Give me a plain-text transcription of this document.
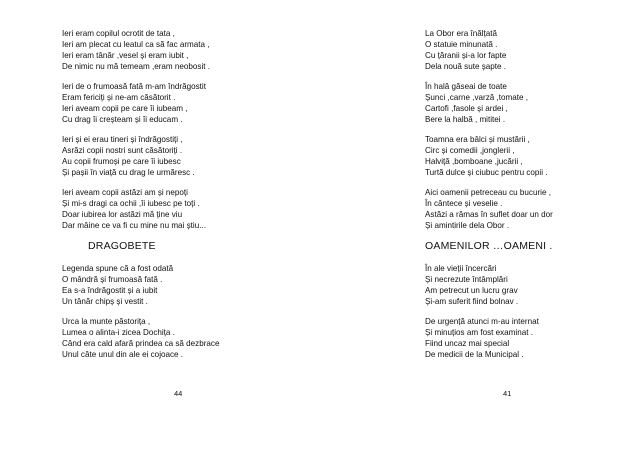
Ieri eram copilul ocrotit de tata ,
Ieri am plecat cu leatul ca să fac armata ,
Ieri eram tânăr ,vesel și eram iubit ,
De nimic nu mă temeam ,eram neobosit .
Ieri de o frumoasă fată m-am îndrăgostit
Eram fericiți și ne-am căsătorit .
Ieri aveam copii pe care îi iubeam ,
Cu drag îi creșteam și îi educam .
Ieri și ei erau tineri și îndrăgostiți ,
Asrăzi copii nostri sunt căsătoriți .
Au copii frumoși pe care îi iubesc
Și pașii în viață cu drag le urmăresc .
Ieri aveam copii astăzi am și nepoți
Și mi-s dragi ca ochii ,îi iubesc pe toți .
Doar iubirea lor astăzi mă ține viu
Dar mâine ce va fi cu mine nu mai știu...
DRAGOBETE
Legenda spune că a fost odată
O mândră și frumoasă fată .
Ea s-a îndrăgostit și a iubit
Un tânăr chipș și vestit .
Urca la munte păstorița ,
Lumea o alinta-i zicea Dochița .
Când era cald afară prindea ca să dezbrace
Unul câte unul din ale ei cojoace .
La Obor era înălțată
O statuie minunată .
Cu țăranii și-a lor fapte
Dela nouă sute șapte .
În halâ găseai de toate
Șunci ,carne ,varză ,tomate ,
Cartofi ,fasole și ardei ,
Bere la halbă , mititei .
Toamna era bâlci și mustării ,
Circ și comedii ,jonglerii ,
Halviță ,bomboane ,jucării ,
Turtă dulce și ciubuc pentru copii .
Aici oamenii petreceau cu bucurie ,
În cântece și veselie .
Astăzi a rămas în suflet doar un dor
Și amintirile dela Obor .
OAMENILOR …OAMENI .
În ale vieții încercări
Și necrezute întâmplări
Am petrecut un lucru grav
Și-am suferit fiind bolnav .
De urgență atunci m-au internat
Și minuțios am fost examinat .
Fiind uncaz mai special
De medicii de la Municipal .
44	41
